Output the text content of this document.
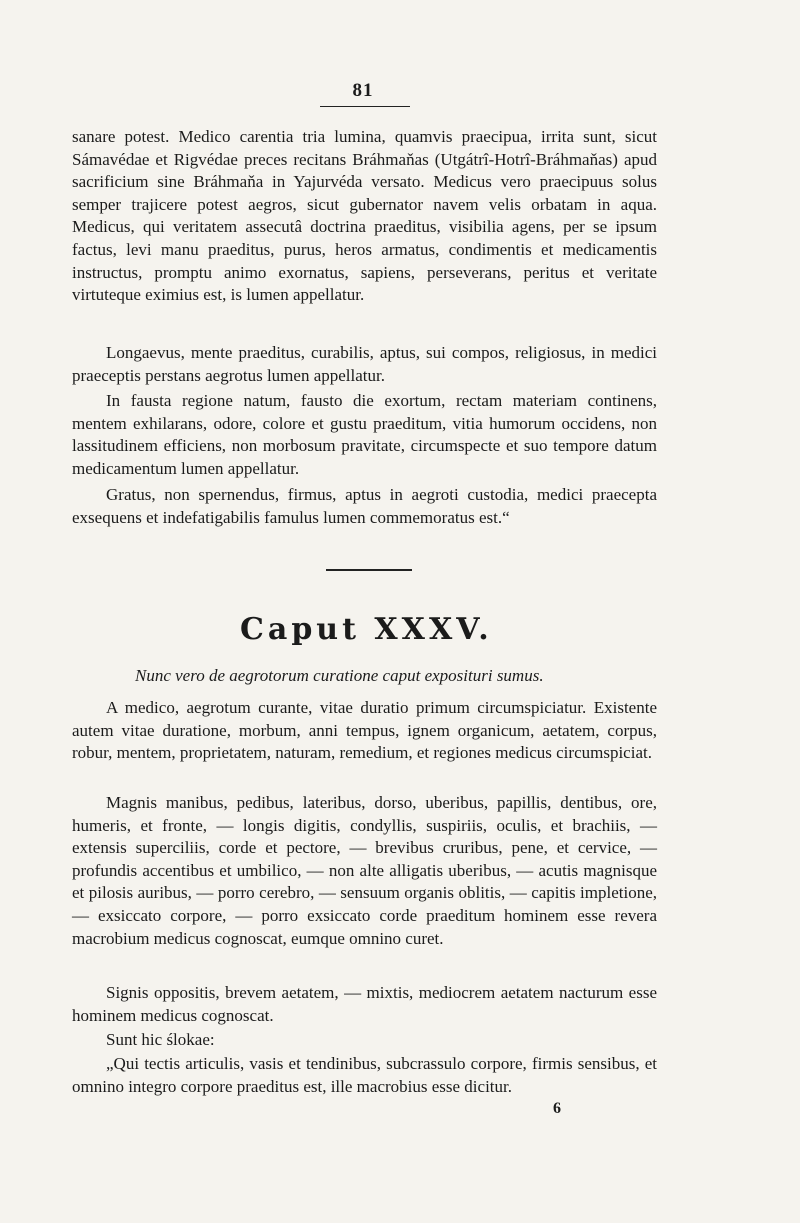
81

sanare potest. Medico carentia tria lumina, quamvis praecipua, irrita sunt, sicut Sámavédae et Rigvédae preces recitans Bráhmaňas (Utgátrî-Hotrî-Bráhmaňas) apud sacrificium sine Bráhmaňa in Yajurvéda versato. Medicus vero praecipuus solus semper trajicere potest aegros, sicut gubernator navem velis orbatam in aqua. Medicus, qui veritatem assecutâ doctrina praeditus, visibilia agens, per se ipsum factus, levi manu praeditus, purus, heros armatus, condimentis et medicamentis instructus, promptu animo exornatus, sapiens, perseverans, peritus et veritate virtuteque eximius est, is lumen appellatur.

Longaevus, mente praeditus, curabilis, aptus, sui compos, religiosus, in medici praeceptis perstans aegrotus lumen appellatur.

In fausta regione natum, fausto die exortum, rectam materiam continens, mentem exhilarans, odore, colore et gustu praeditum, vitia humorum occidens, non lassitudinem efficiens, non morbosum pravitate, circumspecte et suo tempore datum medicamentum lumen appellatur.

Gratus, non spernendus, firmus, aptus in aegroti custodia, medici praecepta exsequens et indefatigabilis famulus lumen commemoratus est.“

Caput XXXV.
Nunc vero de aegrotorum curatione caput exposituri sumus.

A medico, aegrotum curante, vitae duratio primum circumspiciatur. Existente autem vitae duratione, morbum, anni tempus, ignem organicum, aetatem, corpus, robur, mentem, proprietatem, naturam, remedium, et regiones medicus circumspiciat.

Magnis manibus, pedibus, lateribus, dorso, uberibus, papillis, dentibus, ore, humeris, et fronte, — longis digitis, condyllis, suspiriis, oculis, et brachiis, — extensis superciliis, corde et pectore, — brevibus cruribus, pene, et cervice, — profundis accentibus et umbilico, — non alte alligatis uberibus, — acutis magnisque et pilosis auribus, — porro cerebro, — sensuum organis oblitis, — capitis impletione, — exsiccato corpore, — porro exsiccato corde praeditum hominem esse revera macrobium medicus cognoscat, eumque omnino curet.

Signis oppositis, brevem aetatem, — mixtis, mediocrem aetatem nacturum esse hominem medicus cognoscat.

Sunt hic ślokae:

„Qui tectis articulis, vasis et tendinibus, subcrassulo corpore, firmis sensibus, et omnino integro corpore praeditus est, ille macrobius esse dicitur.

6
